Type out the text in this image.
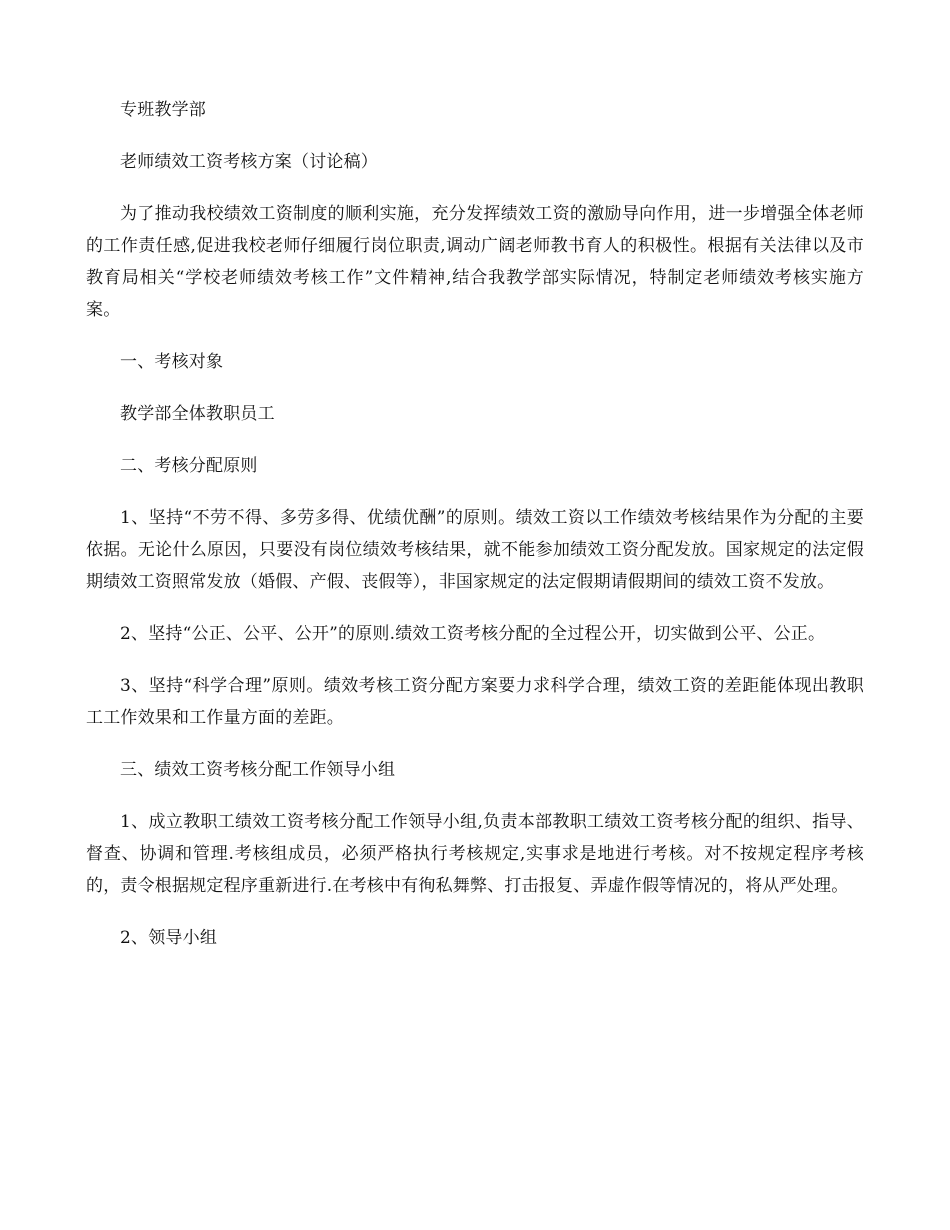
专班教学部

老师绩效工资考核方案（讨论稿）

为了推动我校绩效工资制度的顺利实施，充分发挥绩效工资的激励导向作用，进一步增强全体老师的工作责任感,促进我校老师仔细履行岗位职责,调动广阔老师教书育人的积极性。根据有关法律以及市教育局相关“学校老师绩效考核工作”文件精神,结合我教学部实际情况，特制定老师绩效考核实施方案。

一、考核对象

教学部全体教职员工

二、考核分配原则

1、坚持“不劳不得、多劳多得、优绩优酬”的原则。绩效工资以工作绩效考核结果作为分配的主要依据。无论什么原因，只要没有岗位绩效考核结果，就不能参加绩效工资分配发放。国家规定的法定假期绩效工资照常发放（婚假、产假、丧假等），非国家规定的法定假期请假期间的绩效工资不发放。

2、坚持“公正、公平、公开”的原则.绩效工资考核分配的全过程公开，切实做到公平、公正。

3、坚持“科学合理”原则。绩效考核工资分配方案要力求科学合理，绩效工资的差距能体现出教职工工作效果和工作量方面的差距。

三、绩效工资考核分配工作领导小组

1、成立教职工绩效工资考核分配工作领导小组,负责本部教职工绩效工资考核分配的组织、指导、督查、协调和管理.考核组成员，必须严格执行考核规定,实事求是地进行考核。对不按规定程序考核的，责令根据规定程序重新进行.在考核中有徇私舞弊、打击报复、弄虚作假等情况的，将从严处理。

2、领导小组
